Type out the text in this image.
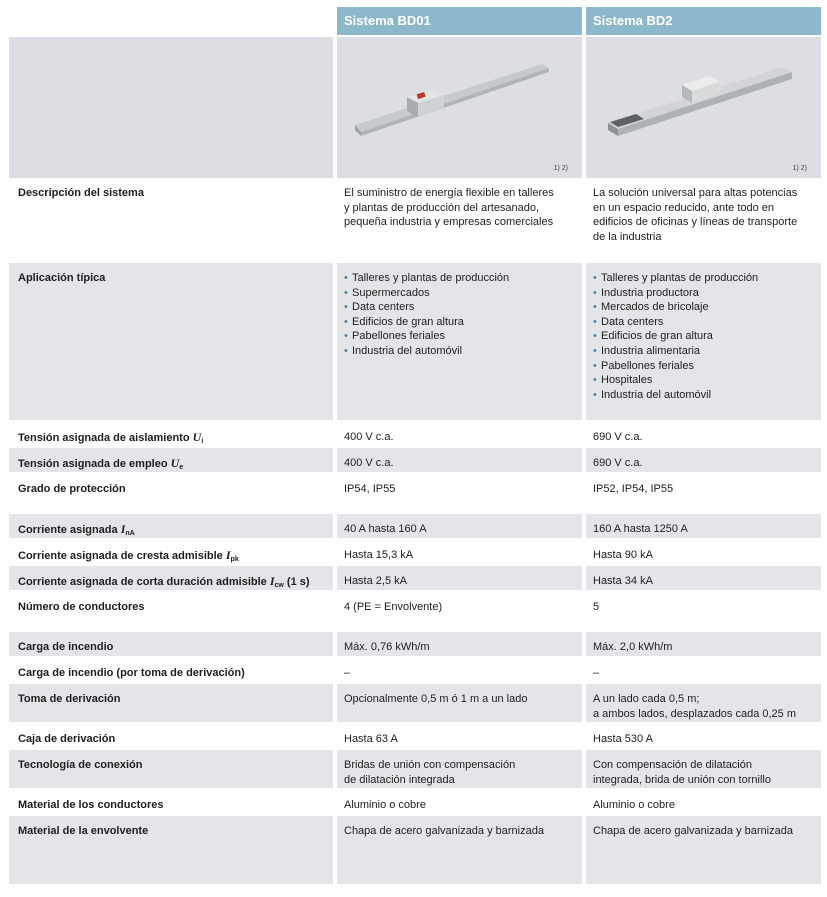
Sistema BD01	Sistema BD2
1) 2)	1) 2)
Descripción del sistema	El suministro de energía flexible en talleres
y plantas de producción del artesanado,
pequeña industria y empresas comerciales
La solución universal para altas potencias
en un espacio reducido, ante todo en
edificios de oficinas y líneas de transporte
de la industria
Aplicación típica
•	Talleres y plantas de producción
• Supermercados
• Data centers
• Edificios de gran altura
• Pabellones feriales
• Industria del automóvil
• Talleres y plantas de producción
• Industria productora
• Mercados de bricolaje
• Data centers
• Edificios de gran altura
• Industria alimentaria
• Pabellones feriales
• Hospitales
• Industria del automóvil
Tensión asignada de aislamiento $U_i$	400 V c.a.	690 V c.a.
Tensión asignada de empleo $U_e$	400 V c.a.	690 V c.a.
Grado de protección	IP54, IP55	IP52, IP54, IP55
Corriente asignada $I_{nA}$	40 A hasta 160 A	160 A hasta 1250 A
Corriente asignada de cresta admisible $I_{pk}$	Hasta 15,3 kA	Hasta 90 kA
Corriente asignada de corta duración admisible $I_{cw}$ (1 s)	Hasta 2,5 kA	Hasta 34 kA
Número de conductores	4 (PE = Envolvente)	5
Carga de incendio	Máx. 0,76 kWh/m	Máx. 2,0 kWh/m
Carga de incendio (por toma de derivación)	–	–
Toma de derivación	Opcionalmente 0,5 m ó 1 m a un lado	A un lado cada 0,5 m;
a ambos lados, desplazados cada 0,25 m
Caja de derivación	Hasta 63 A	Hasta 530 A
Tecnología de conexión	Bridas de unión con compensación
de dilatación integrada
Con compensación de dilatación
integrada, brida de unión con tornillo
Material de los conductores	Aluminio o cobre	Aluminio o cobre
Material de la envolvente	Chapa de acero galvanizada y barnizada	Chapa de acero galvanizada y barnizada
